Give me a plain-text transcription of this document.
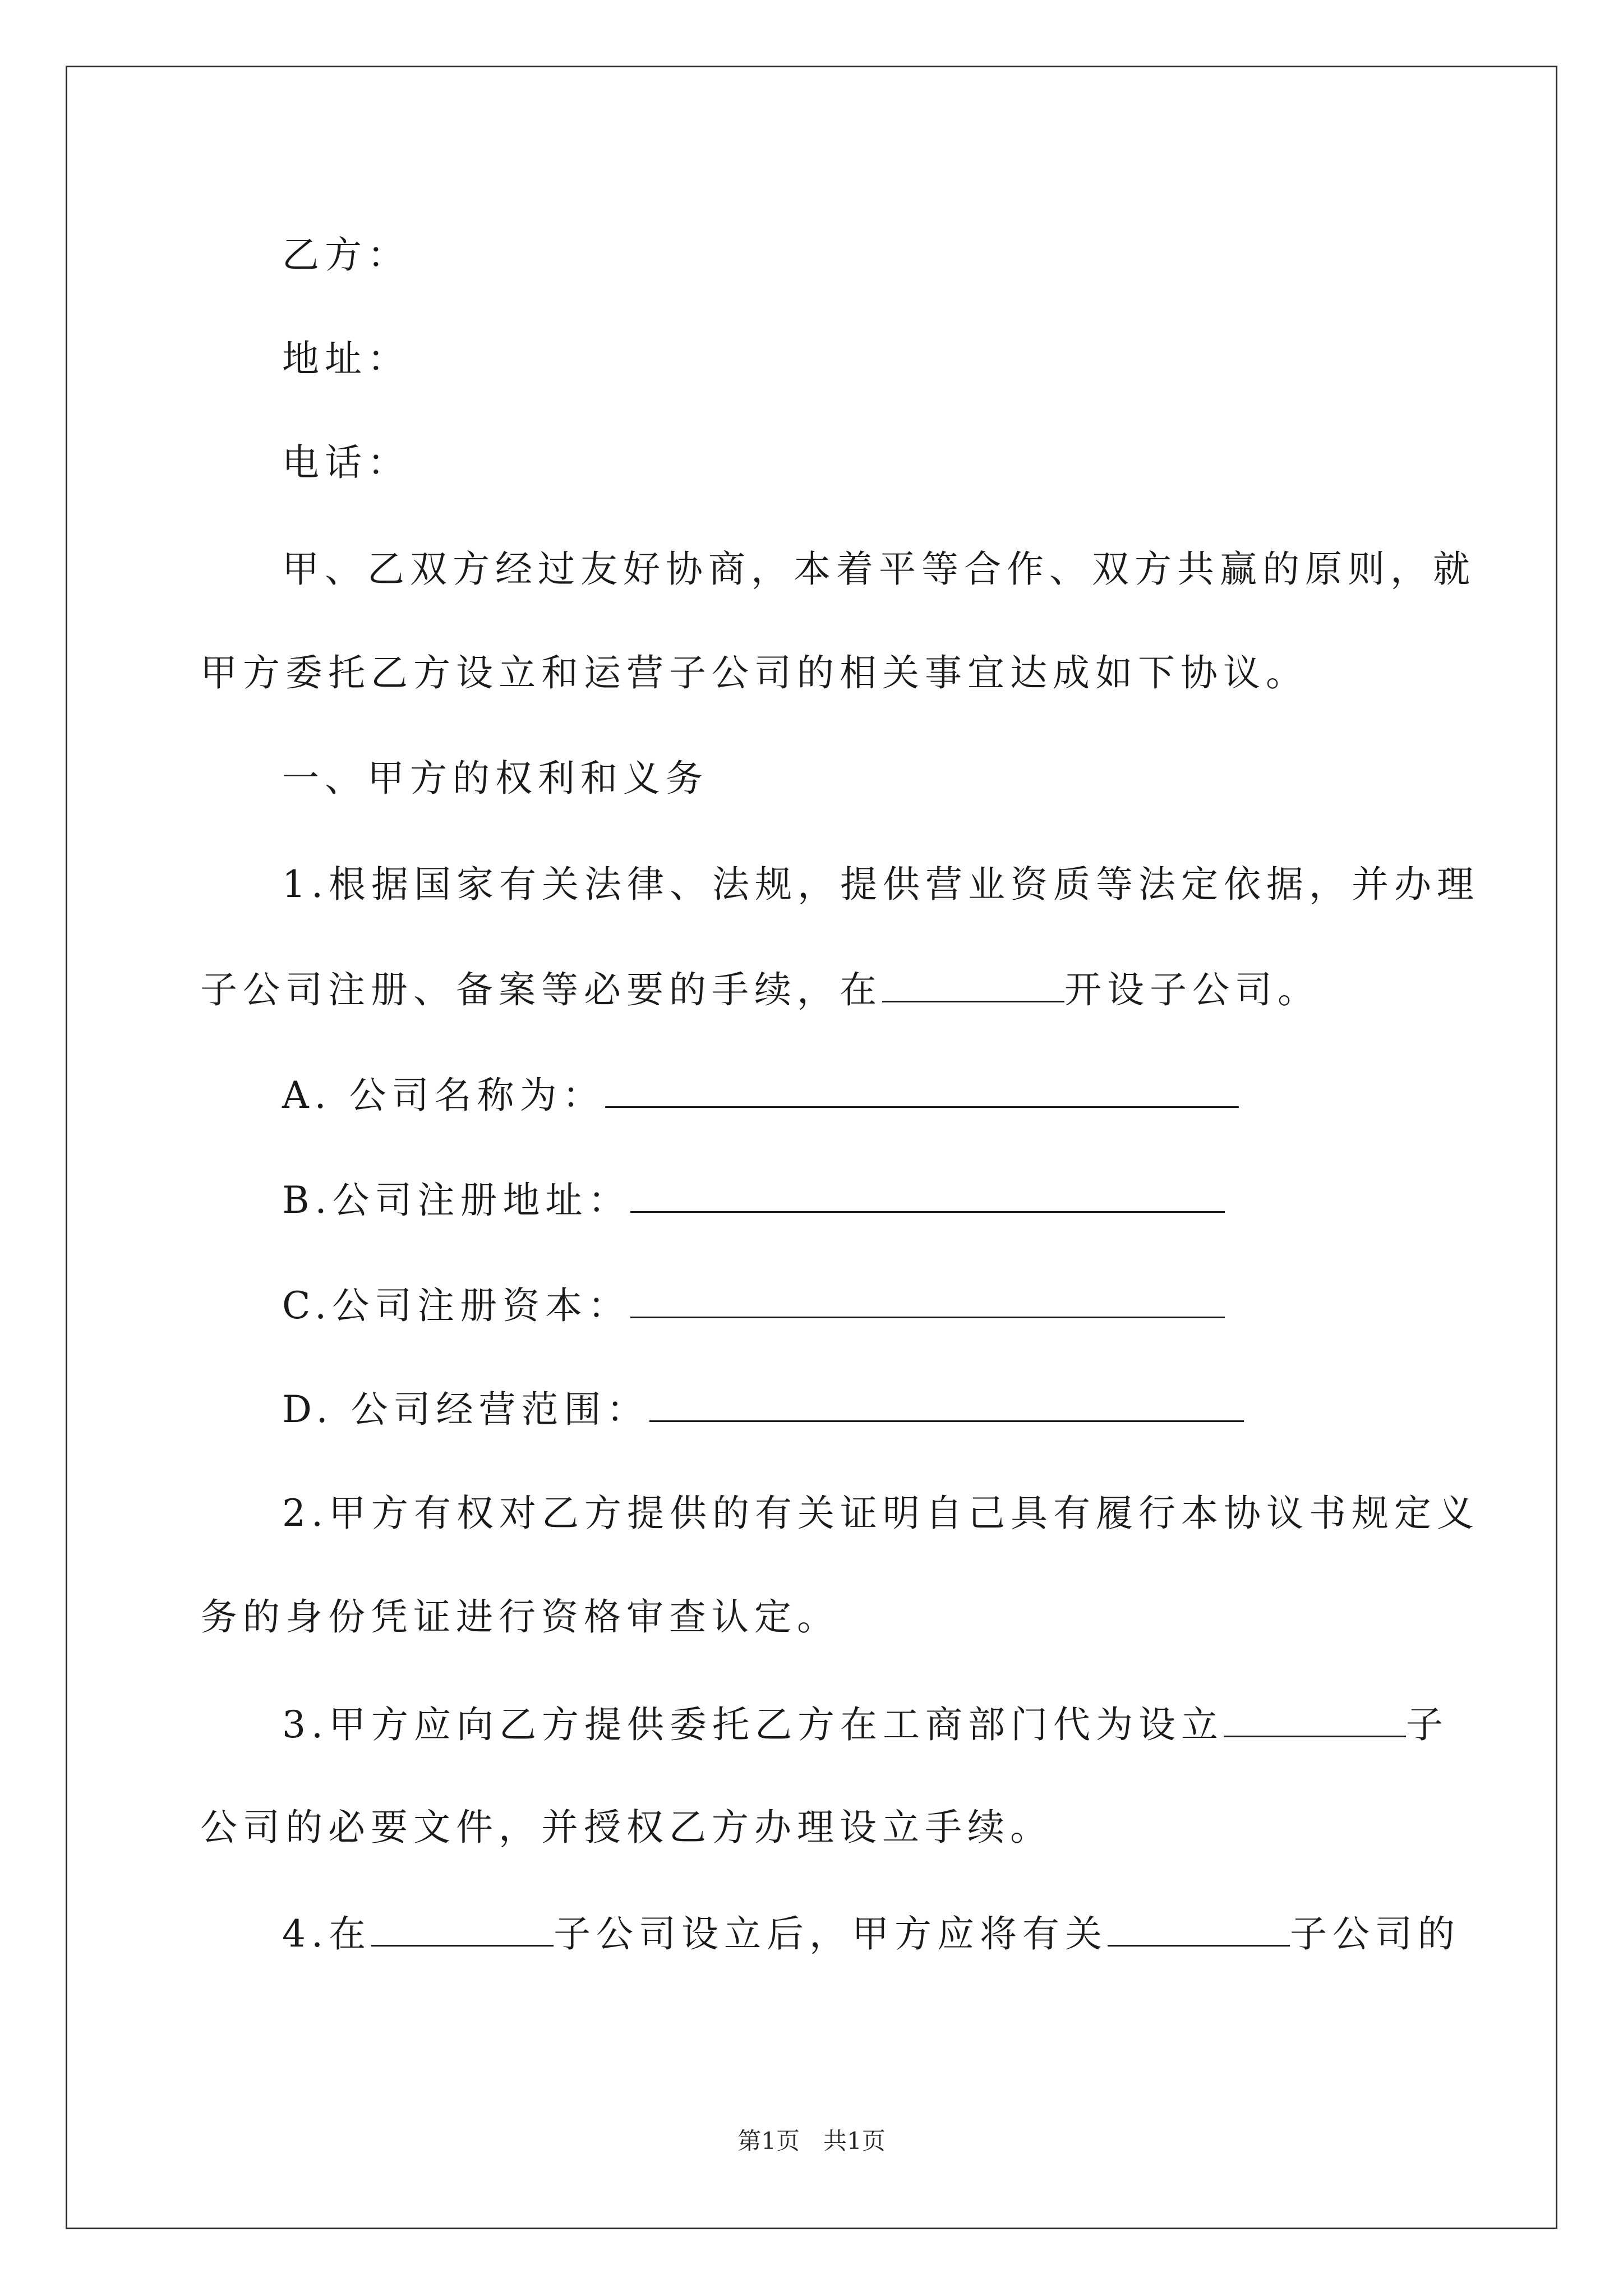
乙方：
地址：
电话：
甲、乙双方经过友好协商，本着平等合作、双方共赢的原则，就
甲方委托乙方设立和运营子公司的相关事宜达成如下协议。
一、甲方的权利和义务
1.根据国家有关法律、法规，提供营业资质等法定依据，并办理
子公司注册、备案等必要的手续，在	开设子公司。
A. 公司名称为：
B.公司注册地址：
C.公司注册资本：
D. 公司经营范围：
2.甲方有权对乙方提供的有关证明自己具有履行本协议书规定义
务的身份凭证进行资格审查认定。
3.甲方应向乙方提供委托乙方在工商部门代为设立	子
公司的必要文件，并授权乙方办理设立手续。
4.在	子公司设立后，甲方应将有关	子公司的
第1页　共1页
